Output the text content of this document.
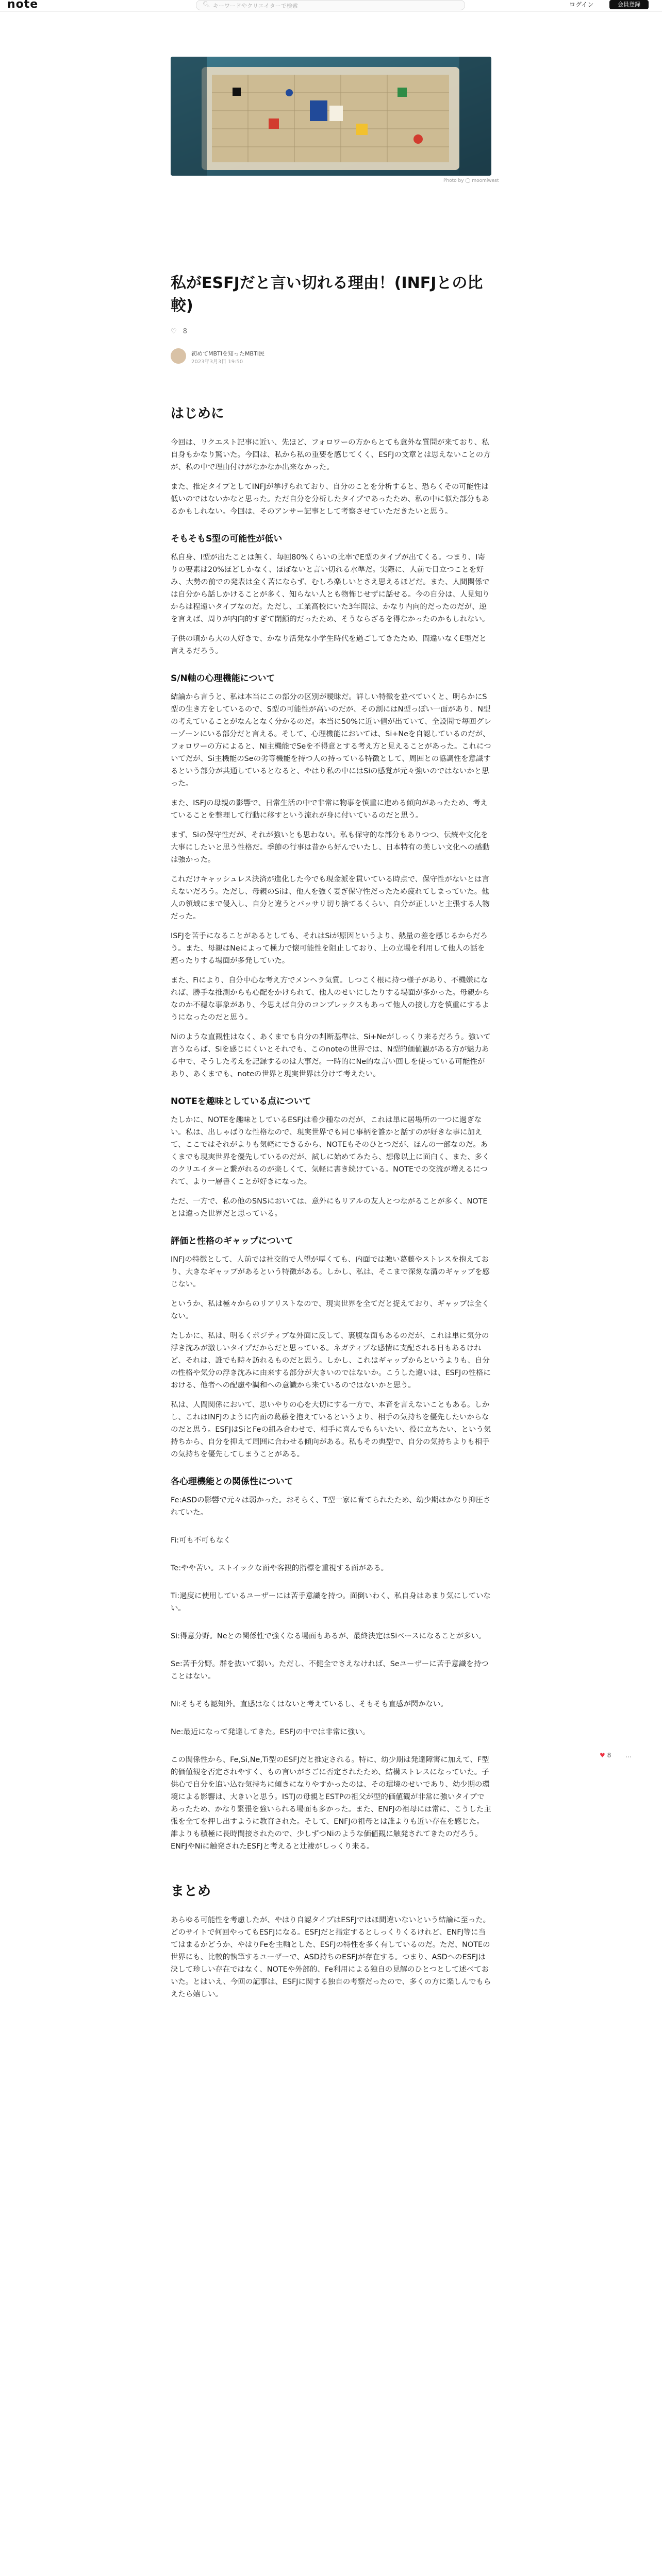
note	🔍︎ キーワードやクリエイターで検索	ログイン	会員登録
Photo by ◯ moomiwest
私がESFJだと言い切れる理由！(INFJとの比較)
♡ 8
初めてMBTIを知ったMBTI民
2023年3月3日 19:50
はじめに

今回は、リクエスト記事に近い、先ほど、フォロワーの方からとても意外な質問が来ており、私自身もかなり驚いた。今回は、私から私の重要を感じてくく、ESFJの文章とは思えないことの方が、私の中で理由付けがなかなか出来なかった。

また、推定タイプとしてINFJが挙げられており、自分のことを分析すると、恐らくその可能性は低いのではないかなと思った。ただ自分を分析したタイプであったため、私の中に似た部分もあるかもしれない。今回は、そのアンサー記事として考察させていただきたいと思う。

そもそもS型の可能性が低い

私自身、I型が出たことは無く、毎回80%くらいの比率でE型のタイプが出てくる。つまり、I寄りの要素は20%ほどしかなく、ほぼないと言い切れる水準だ。実際に、人前で目立つことを好み、大勢の前での発表は全く苦にならず、むしろ楽しいとさえ思えるほどだ。また、人間関係では自分から話しかけることが多く、知らない人とも物怖じせずに話せる。今の自分は、人見知りからは程遠いタイプなのだ。ただし、工業高校にいた3年間は、かなり内向的だったのだが、逆を言えば、周りが内向的すぎて閉鎖的だったため、そうならざるを得なかったのかもしれない。

子供の頃から大の人好きで、かなり活発な小学生時代を過ごしてきたため、間違いなくE型だと言えるだろう。

S/N軸の心理機能について

結論から言うと、私は本当にこの部分の区別が曖昧だ。詳しい特徴を並べていくと、明らかにS型の生き方をしているので、S型の可能性が高いのだが、その割にはN型っぽい一面があり、N型の考えていることがなんとなく分かるのだ。本当に50%に近い値が出ていて、全設問で毎回グレーゾーンにいる部分だと言える。そして、心理機能においては、Si+Neを自認しているのだが、フォロワーの方によると、Ni主機能でSeを不得意とする考え方と見えることがあった。これについてだが、Si主機能のSeの劣等機能を持つ人の持っている特徴として、周囲との協調性を意識するという部分が共通しているとなると、やはり私の中にはSiの感覚が元々強いのではないかと思った。

また、ISFJの母親の影響で、日常生活の中で非常に物事を慎重に進める傾向があったため、考えていることを整理して行動に移すという流れが身に付いているのだと思う。

まず、Siの保守性だが、それが強いとも思わない。私も保守的な部分もありつつ、伝統や文化を大事にしたいと思う性格だ。季節の行事は昔から好んでいたし、日本特有の美しい文化への感動は強かった。

これだけキャッシュレス決済が進化した今でも現金派を貫いている時点で、保守性がないとは言えないだろう。ただし、母親のSiは、他人を強く妻ぎ保守性だったため疲れてしまっていた。他人の領域にまで侵入し、自分と違うとバッサリ切り捨てるくらい、自分が正しいと主張する人物だった。

ISFJを苦手になることがあるとしても、それはSiが原因というより、熱量の差を感じるからだろう。また、母親はNeによって極力で懐可能性を阻止しており、上の立場を利用して他人の話を遮ったりする場面が多発していた。

また、Fiにより、自分中心な考え方でメンヘラ気質。しつこく根に持つ様子があり、不機嫌になれば、勝手な推測からも心配をかけられて、他人のせいにしたりする場面が多かった。母親からなのか不穏な事象があり、今思えば自分のコンプレックスもあって他人の接し方を慎重にするようになったのだと思う。

Niのような直観性はなく、あくまでも自分の判断基準は、Si+Neがしっくり来るだろう。強いて言うならば、Siを感じにくいとそれでも、このnoteの世界では、N型的価値観がある方が魅力ある中で、そうした考えを記録するのは大事だ。一時的にNe的な言い回しを使っている可能性があり、あくまでも、noteの世界と現実世界は分けて考えたい。

NOTEを趣味としている点について

たしかに、NOTEを趣味としているESFJは希少種なのだが、これは単に居場所の一つに過ぎない。私は、出しゃばりな性格なので、現実世界でも同じ事柄を誰かと話すのが好きな事に加えて、ここではそれがよりも気軽にできるから、NOTEもそのひとつだが、ほんの一部なのだ。あくまでも現実世界を優先しているのだが、試しに始めてみたら、想像以上に面白く、また、多くのクリエイターと繋がれるのが楽しくて、気軽に書き続けている。NOTEでの交流が増えるにつれて、より一層書くことが好きになった。

ただ、一方で、私の他のSNSにおいては、意外にもリアルの友人とつながることが多く、NOTEとは違った世界だと思っている。

評価と性格のギャップについて

INFJの特徴として、人前では社交的で人望が厚くても、内面では強い葛藤やストレスを抱えており、大きなギャップがあるという特徴がある。しかし、私は、そこまで深刻な溝のギャップを感じない。

というか、私は極々からのリアリストなので、現実世界を全てだと捉えており、ギャップは全くない。

たしかに、私は、明るくポジティブな外面に反して、裏腹な面もあるのだが、これは単に気分の浮き沈みが激しいタイプだからだと思っている。ネガティブな感情に支配される日もあるけれど、それは、誰でも時々訪れるものだと思う。しかし、これはギャップからというよりも、自分の性格や気分の浮き沈みに由来する部分が大きいのではないか。こうした違いは、ESFJの性格における、他者への配慮や調和への意識から来ているのではないかと思う。

私は、人間関係において、思いやりの心を大切にする一方で、本音を言えないこともある。しかし、これはINFJのように内面の葛藤を抱えているというより、相手の気持ちを優先したいからなのだと思う。ESFJはSiとFeの組み合わせで、相手に喜んでもらいたい、役に立ちたい、という気持ちから、自分を抑えて周囲に合わせる傾向がある。私もその典型で、自分の気持ちよりも相手の気持ちを優先してしまうことがある。

各心理機能との関係性について

Fe:ASDの影響で元々は弱かった。おそらく、T型一家に育てられたため、幼少期はかなり抑圧されていた。

Fi:可も不可もなく

Te:やや苦い。ストイックな面や客観的指標を重視する面がある。

Ti:過度に使用しているユーザーには苦手意識を持つ。面倒いわく、私自身はあまり気にしていない。

Si:得意分野。Neとの関係性で強くなる場面もあるが、最終決定はSiベースになることが多い。

Se:苦手分野。群を抜いて弱い。ただし、不健全でさえなければ、Seユーザーに苦手意識を持つことはない。

Ni:そもそも認知外。直感はなくはないと考えているし、そもそも直感が閃かない。

Ne:最近になって発達してきた。ESFJの中では非常に強い。

この関係性から、Fe,Si,Ne,Ti型のESFJだと推定される。特に、幼少期は発達障害に加えて、F型的価値観を否定されやすく、もの言いがさごに否定されたため、結構ストレスになっていた。子供心で自分を追い込む気持ちに傾きになりやすかったのは、その環境のせいであり、幼少期の環境による影響は、大きいと思う。ISTJの母親とESTPの祖父が型的価値観が非常に強いタイプであったため、かなり緊張を強いられる場面も多かった。また、ENFJの祖母には常に、こうした主張を全てを押し出すように教育された。そして、ENFJの祖母とは誰よりも近い存在を感じた。誰よりも積極に長時間接されたので、少しずつNiのような価値観に触発されてきたのだろう。ENFJやNiに触発されたESFJと考えると辻褄がしっくり来る。

まとめ

あらゆる可能性を考慮したが、やはり自認タイプはESFJではほ間違いないという結論に至った。どのサイトで何回やってもESFJになる。ESFJだと指定するとしっくりくるけれど、ENFJ等に当てはまるかどうか、やはりFeを主軸とした、ESFJの特性を多く有しているのだ。ただ、NOTEの世界にも、比較的執筆するユーザーで、ASD持ちのESFJが存在する。つまり、ASDへのESFJは決して珍しい存在ではなく、NOTEや外部的、Fe利用による独自の見解のひとつとして述べておいた。とはいえ、今回の記事は、ESFJに関する独自の考察だったので、多くの方に楽しんでもらえたら嬉しい。

♥ 8 …
